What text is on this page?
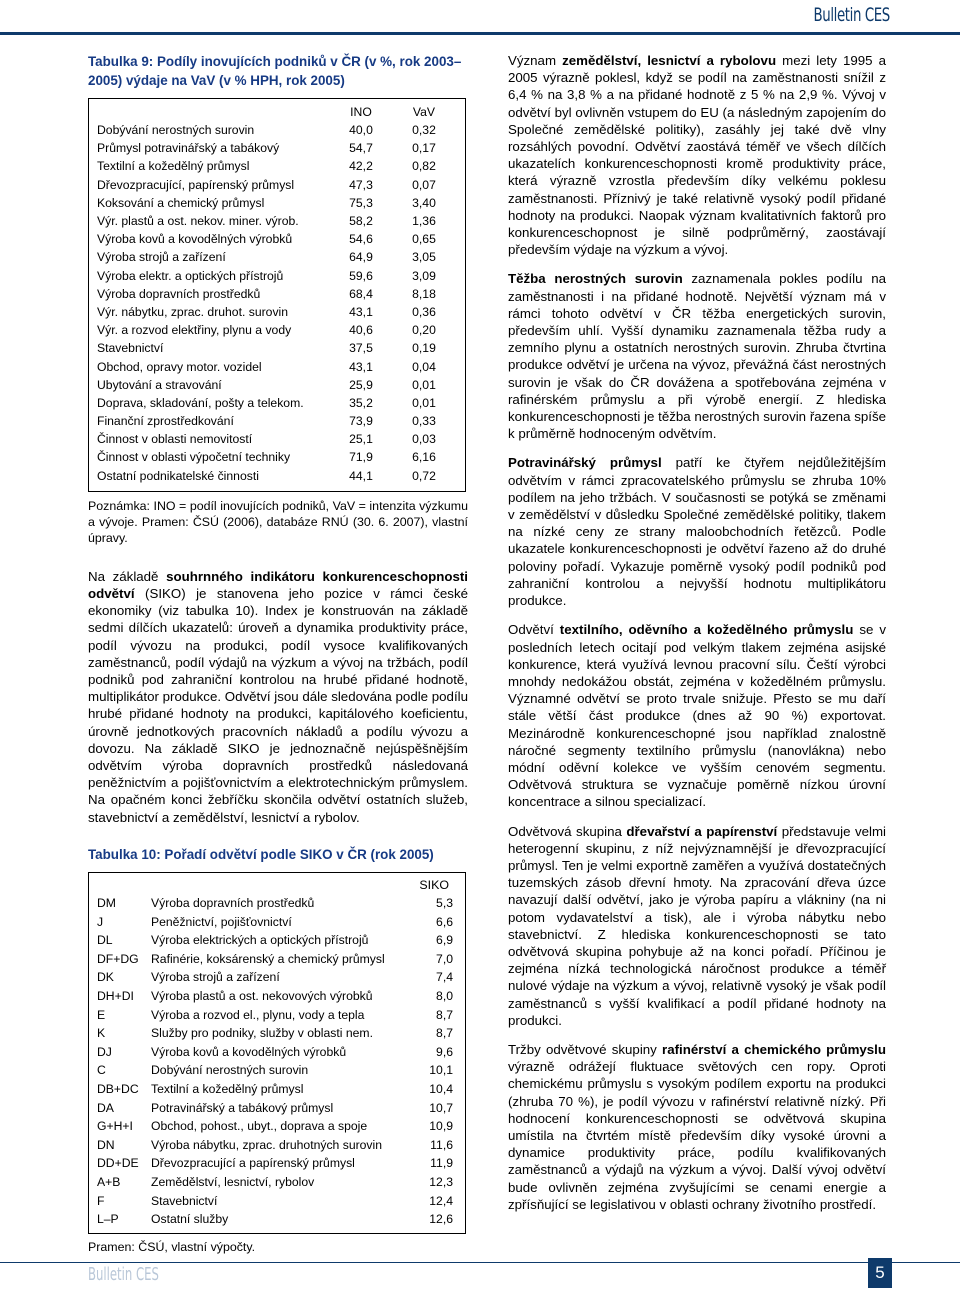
Bulletin CES
Tabulka 9: Podíly inovujících podniků v ČR (v %, rok 2003–2005) výdaje na VaV (v % HPH, rok 2005)
INO	VaV
Dobývání nerostných surovin	40,0	0,32
Průmysl potravinářský a tabákový	54,7	0,17
Textilní a kožedělný průmysl	42,2	0,82
Dřevozpracující, papírenský průmysl	47,3	0,07
Koksování a chemický průmysl	75,3	3,40
Výr. plastů a ost. nekov. miner. výrob.	58,2	1,36
Výroba kovů a kovodělných výrobků	54,6	0,65
Výroba strojů a zařízení	64,9	3,05
Výroba elektr. a optických přístrojů	59,6	3,09
Výroba dopravních prostředků	68,4	8,18
Výr. nábytku, zprac. druhot. surovin	43,1	0,36
Výr. a rozvod elektřiny, plynu a vody	40,6	0,20
Stavebnictví	37,5	0,19
Obchod, opravy motor. vozidel	43,1	0,04
Ubytování a stravování	25,9	0,01
Doprava, skladování, pošty a telekom.	35,2	0,01
Finanční zprostředkování	73,9	0,33
Činnost v oblasti nemovitostí	25,1	0,03
Činnost v oblasti výpočetní techniky	71,9	6,16
Ostatní podnikatelské činnosti	44,1	0,72
Poznámka: INO = podíl inovujících podniků, VaV = intenzita výzkumu a vývoje. Pramen: ČSÚ (2006), databáze RNÚ (30. 6. 2007), vlastní úpravy.
Na základě souhrnného indikátoru konkurenceschopnosti odvětví (SIKO) je stanovena jeho pozice v rámci české ekonomiky (viz tabulka 10). Index je konstruován na základě sedmi dílčích ukazatelů: úroveň a dynamika produktivity práce, podíl vývozu na produkci, podíl vysoce kvalifikovaných zaměstnanců, podíl výdajů na výzkum a vývoj na tržbách, podíl podniků pod zahraniční kontrolou na hrubé přidané hodnotě, multiplikátor produkce. Odvětví jsou dále sledována podle podílu hrubé přidané hodnoty na produkci, kapitálového koeficientu, úrovně jednotkových pracovních nákladů a podílu vývozu a dovozu. Na základě SIKO je jednoznačně nejúspěšnějším odvětvím výroba dopravních prostředků následovaná peněžnictvím a pojišťovnictvím a elektrotechnickým průmyslem. Na opačném konci žebříčku skončila odvětví ostatních služeb, stavebnictví a zemědělství, lesnictví a rybolov.
Tabulka 10: Pořadí odvětví podle SIKO v ČR (rok 2005)
SIKO
DM	Výroba dopravních prostředků	5,3
J	Peněžnictví, pojišťovnictví	6,6
DL	Výroba elektrických a optických přístrojů	6,9
DF+DG	Rafinérie, koksárenský a chemický průmysl	7,0
DK	Výroba strojů a zařízení	7,4
DH+DI	Výroba plastů a ost. nekovových výrobků	8,0
E	Výroba a rozvod el., plynu, vody a tepla	8,7
K	Služby pro podniky, služby v oblasti nem.	8,7
DJ	Výroba kovů a kovodělných výrobků	9,6
C	Dobývání nerostných surovin	10,1
DB+DC	Textilní a kožedělný průmysl	10,4
DA	Potravinářský a tabákový průmysl	10,7
G+H+I	Obchod, pohost., ubyt., doprava a spoje	10,9
DN	Výroba nábytku, zprac. druhotných surovin	11,6
DD+DE	Dřevozpracující a papírenský průmysl	11,9
A+B	Zemědělství, lesnictví, rybolov	12,3
F	Stavebnictví	12,4
L–P	Ostatní služby	12,6
Pramen: ČSÚ, vlastní výpočty.
Význam zemědělství, lesnictví a rybolovu mezi lety 1995 a 2005 výrazně poklesl, když se podíl na zaměstnanosti snížil z 6,4 % na 3,8 % a na přidané hodnotě z 5 % na 2,9 %. Vývoj v odvětví byl ovlivněn vstupem do EU (a následným zapojením do Společné zemědělské politiky), zasáhly jej také dvě vlny rozsáhlých povodní. Odvětví zaostává téměř ve všech dílčích ukazatelích konkurenceschopnosti kromě produktivity práce, která výrazně vzrostla především díky velkému poklesu zaměstnanosti. Příznivý je také relativně vysoký podíl přidané hodnoty na produkci. Naopak význam kvalitativních faktorů pro konkurenceschopnost je silně podprůměrný, zaostávají především výdaje na výzkum a vývoj.
Těžba nerostných surovin zaznamenala pokles podílu na zaměstnanosti i na přidané hodnotě. Největší význam má v rámci tohoto odvětví v ČR těžba energetických surovin, především uhlí. Vyšší dynamiku zaznamenala těžba rudy a zemního plynu a ostatních nerostných surovin. Zhruba čtvrtina produkce odvětví je určena na vývoz, převážná část nerostných surovin je však do ČR dovážena a spotřebována zejména v rafinérském průmyslu a při výrobě energií. Z hlediska konkurenceschopnosti je těžba nerostných surovin řazena spíše k průměrně hodnoceným odvětvím.
Potravinářský průmysl patří ke čtyřem nejdůležitějším odvětvím v rámci zpracovatelského průmyslu se zhruba 10% podílem na jeho tržbách. V současnosti se potýká se změnami v zemědělství v důsledku Společné zemědělské politiky, tlakem na nízké ceny ze strany maloobchodních řetězců. Podle ukazatele konkurenceschopnosti je odvětví řazeno až do druhé poloviny pořadí. Vykazuje poměrně vysoký podíl podniků pod zahraniční kontrolou a nejvyšší hodnotu multiplikátoru produkce.
Odvětví textilního, oděvního a kožedělného průmyslu se v posledních letech ocitají pod velkým tlakem zejména asijské konkurence, která využívá levnou pracovní sílu. Čeští výrobci mnohdy nedokážou obstát, zejména v kožedělném průmyslu. Významné odvětví se proto trvale snižuje. Přesto se mu daří stále větší část produkce (dnes až 90 %) exportovat. Mezinárodně konkurenceschopné jsou například znalostně náročné segmenty textilního průmyslu (nanovlákna) nebo módní oděvní kolekce ve vyšším cenovém segmentu. Odvětvová struktura se vyznačuje poměrně nízkou úrovní koncentrace a silnou specializací.
Odvětvová skupina dřevařství a papírenství představuje velmi heterogenní skupinu, z níž nejvýznamnější je dřevozpracující průmysl. Ten je velmi exportně zaměřen a využívá dostatečných tuzemských zásob dřevní hmoty. Na zpracování dřeva úzce navazují další odvětví, jako je výroba papíru a vlákniny (na ni potom vydavatelství a tisk), ale i výroba nábytku nebo stavebnictví. Z hlediska konkurenceschopnosti se tato odvětvová skupina pohybuje až na konci pořadí. Příčinou je zejména nízká technologická náročnost produkce a téměř nulové výdaje na výzkum a vývoj, relativně vysoký je však podíl zaměstnanců s vyšší kvalifikací a podíl přidané hodnoty na produkci.
Tržby odvětvové skupiny rafinérství a chemického průmyslu výrazně odrážejí fluktuace světových cen ropy. Oproti chemickému průmyslu s vysokým podílem exportu na produkci (zhruba 70 %), je podíl vývozu v rafinérství relativně nízký. Při hodnocení konkurenceschopnosti se odvětvová skupina umístila na čtvrtém místě především díky vysoké úrovni a dynamice produktivity práce, podílu kvalifikovaných zaměstnanců a výdajů na výzkum a vývoj. Další vývoj odvětví bude ovlivněn zejména zvyšujícími se cenami energie a zpřísňující se legislativou v oblasti ochrany životního prostředí.
Bulletin CES	5
